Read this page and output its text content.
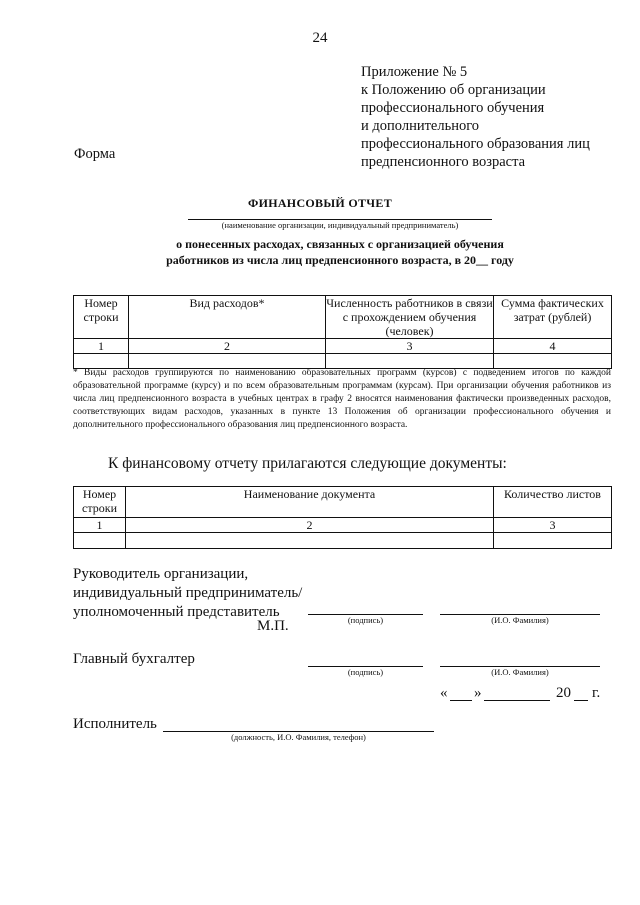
24
Приложение № 5
к Положению об организации
профессионального обучения
и дополнительного
профессионального образования лиц
предпенсионного возраста
Форма
ФИНАНСОВЫЙ ОТЧЕТ
(наименование организации, индивидуальный предприниматель)
о понесенных расходах, связанных с организацией обучения
работников из числа лиц предпенсионного возраста, в 20__ году
Номер строки	Вид расходов*	Численность работников в связи с прохождением обучения (человек)	Сумма фактических затрат (рублей)
1	2	3	4

* Виды расходов группируются по наименованию образовательных программ (курсов) с подведением итогов по каждой образовательной программе (курсу) и по всем образовательным программам (курсам). При организации обучения работников из числа лиц предпенсионного возраста в учебных центрах в графу 2 вносятся наименования фактически произведенных расходов, соответствующих видам расходов, указанных в пункте 13 Положения об организации профессионального обучения и дополнительного профессионального образования лиц предпенсионного возраста.
К финансовому отчету прилагаются следующие документы:
Номер строки	Наименование документа	Количество листов
1	2	3

Руководитель организации,
индивидуальный предприниматель/
уполномоченный представитель
М.П.	(подпись)	(И.О. Фамилия)
Главный бухгалтер
(подпись)	(И.О. Фамилия)
« »	20 г.
Исполнитель
(должность, И.О. Фамилия, телефон)
